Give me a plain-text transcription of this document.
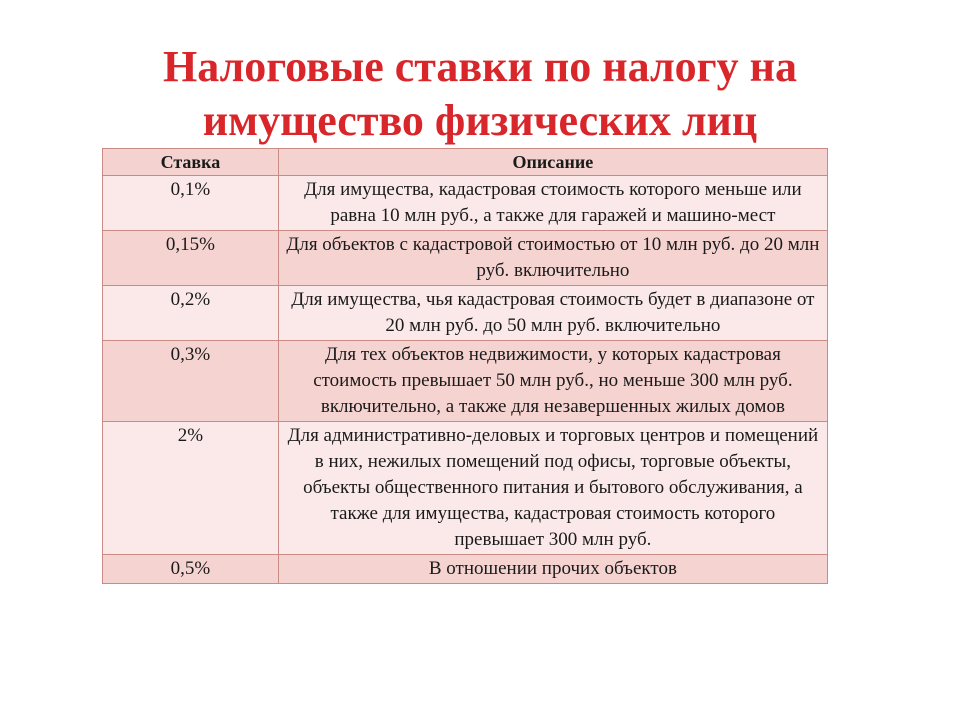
Налоговые ставки по налогу на
имущество физических лиц
Ставка	Описание
0,1%	Для имущества, кадастровая стоимость которого меньше или равна 10 млн руб., а также для гаражей и машино-мест
0,15%	Для объектов с кадастровой стоимостью от 10 млн руб. до 20 млн руб. включительно
0,2%	Для имущества, чья кадастровая стоимость будет в диапазоне от 20 млн руб. до 50 млн руб. включительно
0,3%	Для тех объектов недвижимости, у которых кадастровая стоимость превышает 50 млн руб., но меньше 300 млн руб. включительно, а также для незавершенных жилых домов
2%	Для административно-деловых и торговых центров и помещений в них, нежилых помещений под офисы, торговые объекты, объекты общественного питания и бытового обслуживания, а также для имущества, кадастровая стоимость которого превышает 300 млн руб.
0,5%	В отношении прочих объектов
